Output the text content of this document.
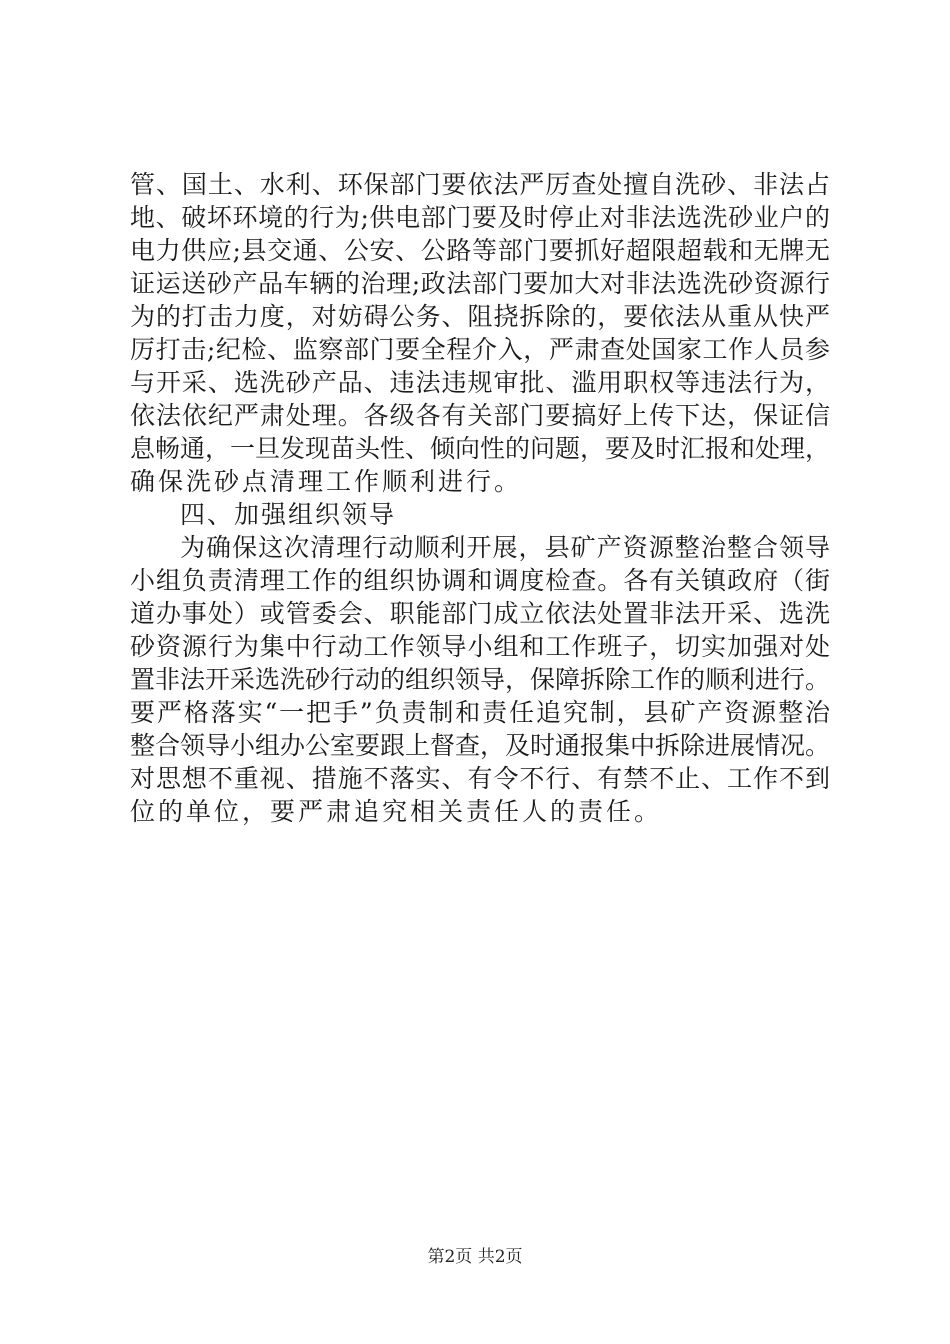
管、国土、水利、环保部门要依法严厉查处擅自洗砂、非法占
地、破坏环境的行为;供电部门要及时停止对非法选洗砂业户的
电力供应;县交通、公安、公路等部门要抓好超限超载和无牌无
证运送砂产品车辆的治理;政法部门要加大对非法选洗砂资源行
为的打击力度，对妨碍公务、阻挠拆除的，要依法从重从快严
厉打击;纪检、监察部门要全程介入，严肃查处国家工作人员参
与开采、选洗砂产品、违法违规审批、滥用职权等违法行为，
依法依纪严肃处理。各级各有关部门要搞好上传下达，保证信
息畅通，一旦发现苗头性、倾向性的问题，要及时汇报和处理，
确保洗砂点清理工作顺利进行。
四、加强组织领导
为确保这次清理行动顺利开展，县矿产资源整治整合领导
小组负责清理工作的组织协调和调度检查。各有关镇政府（街
道办事处）或管委会、职能部门成立依法处置非法开采、选洗
砂资源行为集中行动工作领导小组和工作班子，切实加强对处
置非法开采选洗砂行动的组织领导，保障拆除工作的顺利进行。
要严格落实“一把手”负责制和责任追究制，县矿产资源整治
整合领导小组办公室要跟上督查，及时通报集中拆除进展情况。
对思想不重视、措施不落实、有令不行、有禁不止、工作不到
位的单位，要严肃追究相关责任人的责任。
第2页 共2页
